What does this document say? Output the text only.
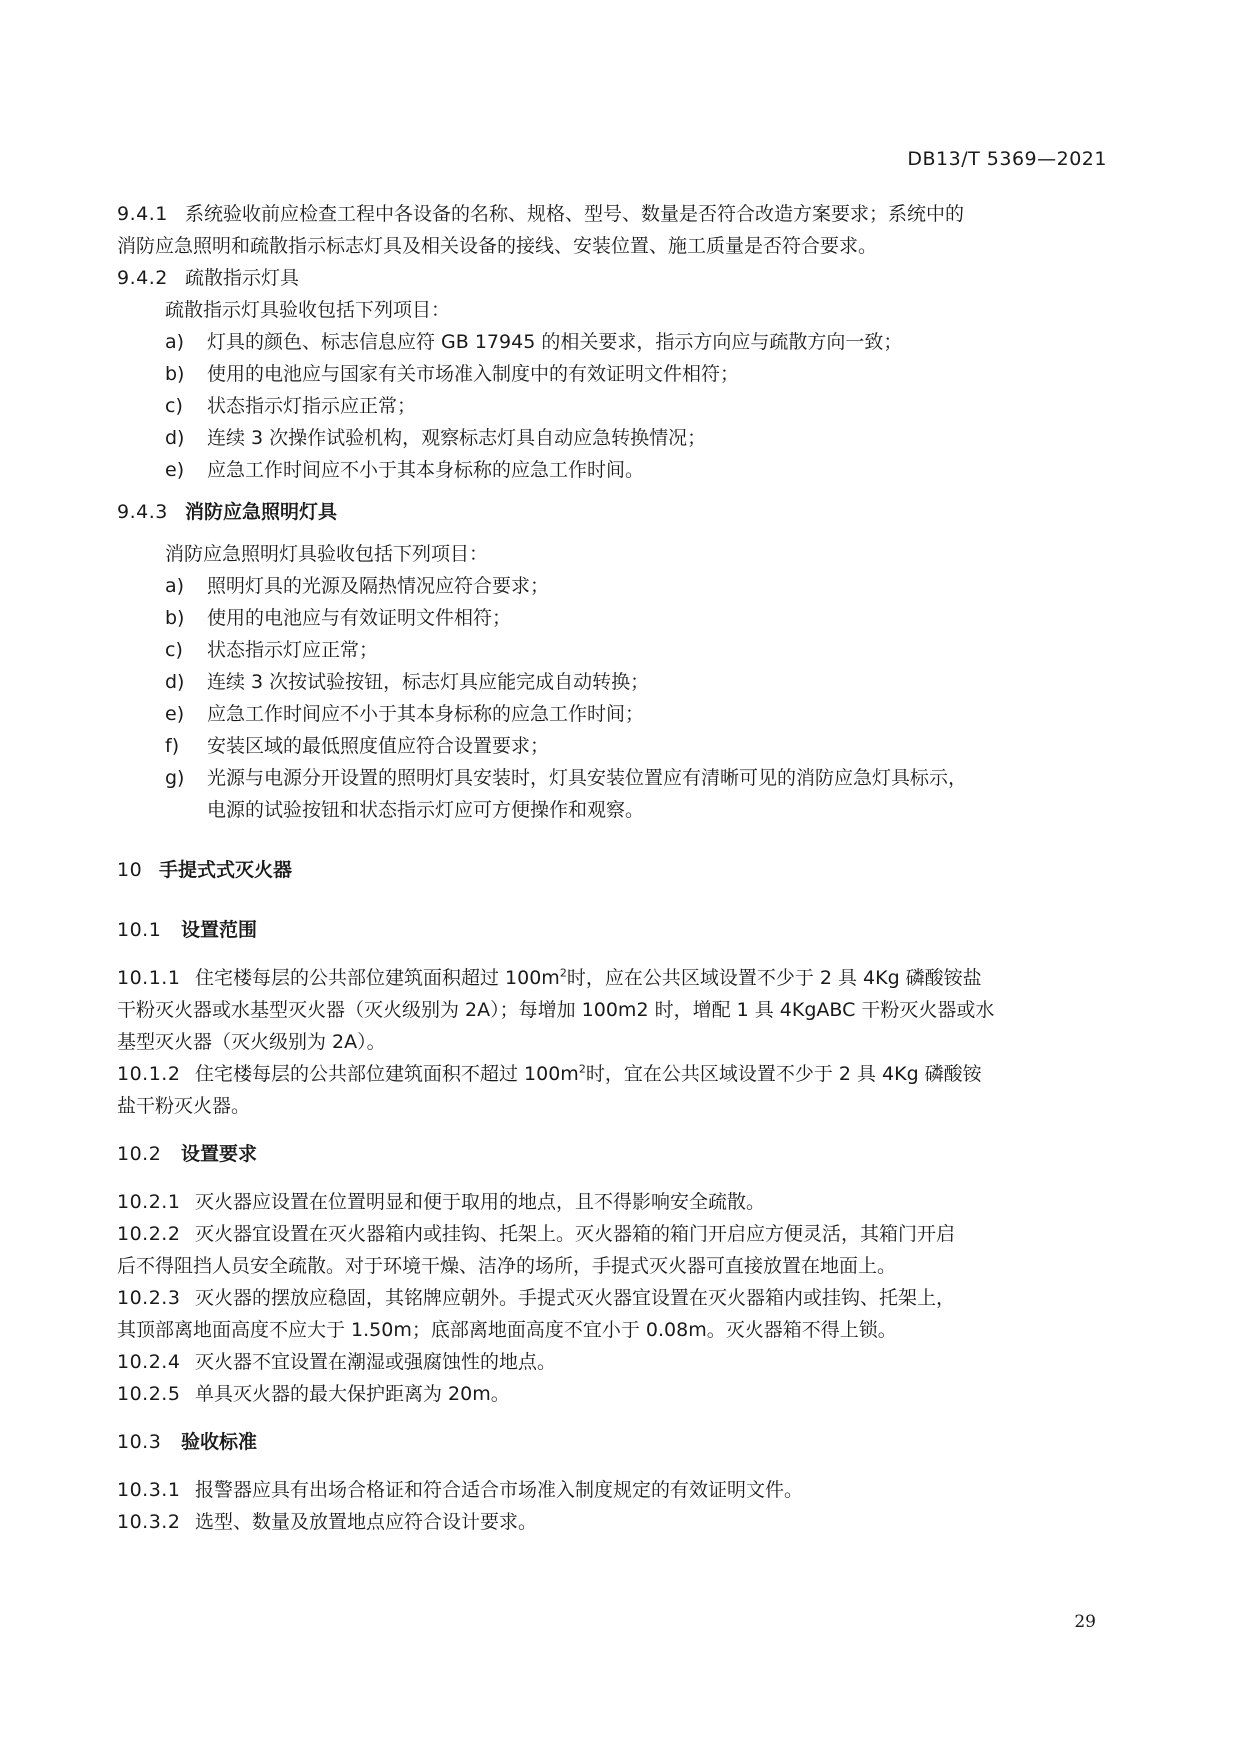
DB13/T 5369—2021
9.4.1 系统验收前应检查工程中各设备的名称、规格、型号、数量是否符合改造方案要求；系统中的
消防应急照明和疏散指示标志灯具及相关设备的接线、安装位置、施工质量是否符合要求。
9.4.2 疏散指示灯具
疏散指示灯具验收包括下列项目：
a) 灯具的颜色、标志信息应符 GB 17945 的相关要求，指示方向应与疏散方向一致；
b) 使用的电池应与国家有关市场准入制度中的有效证明文件相符；
c) 状态指示灯指示应正常；
d) 连续 3 次操作试验机构，观察标志灯具自动应急转换情况；
e) 应急工作时间应不小于其本身标称的应急工作时间。
9.4.3 消防应急照明灯具
消防应急照明灯具验收包括下列项目：
a) 照明灯具的光源及隔热情况应符合要求；
b) 使用的电池应与有效证明文件相符；
c) 状态指示灯应正常；
d) 连续 3 次按试验按钮，标志灯具应能完成自动转换；
e) 应急工作时间应不小于其本身标称的应急工作时间；
f) 安装区域的最低照度值应符合设置要求；
g) 光源与电源分开设置的照明灯具安装时，灯具安装位置应有清晰可见的消防应急灯具标示，
电源的试验按钮和状态指示灯应可方便操作和观察。
10 手提式式灭火器
10.1 设置范围
10.1.1 住宅楼每层的公共部位建筑面积超过 $100m^2$时，应在公共区域设置不少于 2 具 4Kg 磷酸铵盐
干粉灭火器或水基型灭火器（灭火级别为 2A）；每增加 100m2 时，增配 1 具 4KgABC 干粉灭火器或水
基型灭火器（灭火级别为 2A）。
10.1.2 住宅楼每层的公共部位建筑面积不超过 $100m^2$时，宜在公共区域设置不少于 2 具 4Kg 磷酸铵
盐干粉灭火器。
10.2 设置要求
10.2.1 灭火器应设置在位置明显和便于取用的地点，且不得影响安全疏散。
10.2.2 灭火器宜设置在灭火器箱内或挂钩、托架上。灭火器箱的箱门开启应方便灵活，其箱门开启
后不得阻挡人员安全疏散。对于环境干燥、洁净的场所，手提式灭火器可直接放置在地面上。
10.2.3 灭火器的摆放应稳固，其铭牌应朝外。手提式灭火器宜设置在灭火器箱内或挂钩、托架上，
其顶部离地面高度不应大于 1.50m；底部离地面高度不宜小于 0.08m。灭火器箱不得上锁。
10.2.4 灭火器不宜设置在潮湿或强腐蚀性的地点。
10.2.5 单具灭火器的最大保护距离为 20m。
10.3 验收标准
10.3.1 报警器应具有出场合格证和符合适合市场准入制度规定的有效证明文件。
10.3.2 选型、数量及放置地点应符合设计要求。
29
